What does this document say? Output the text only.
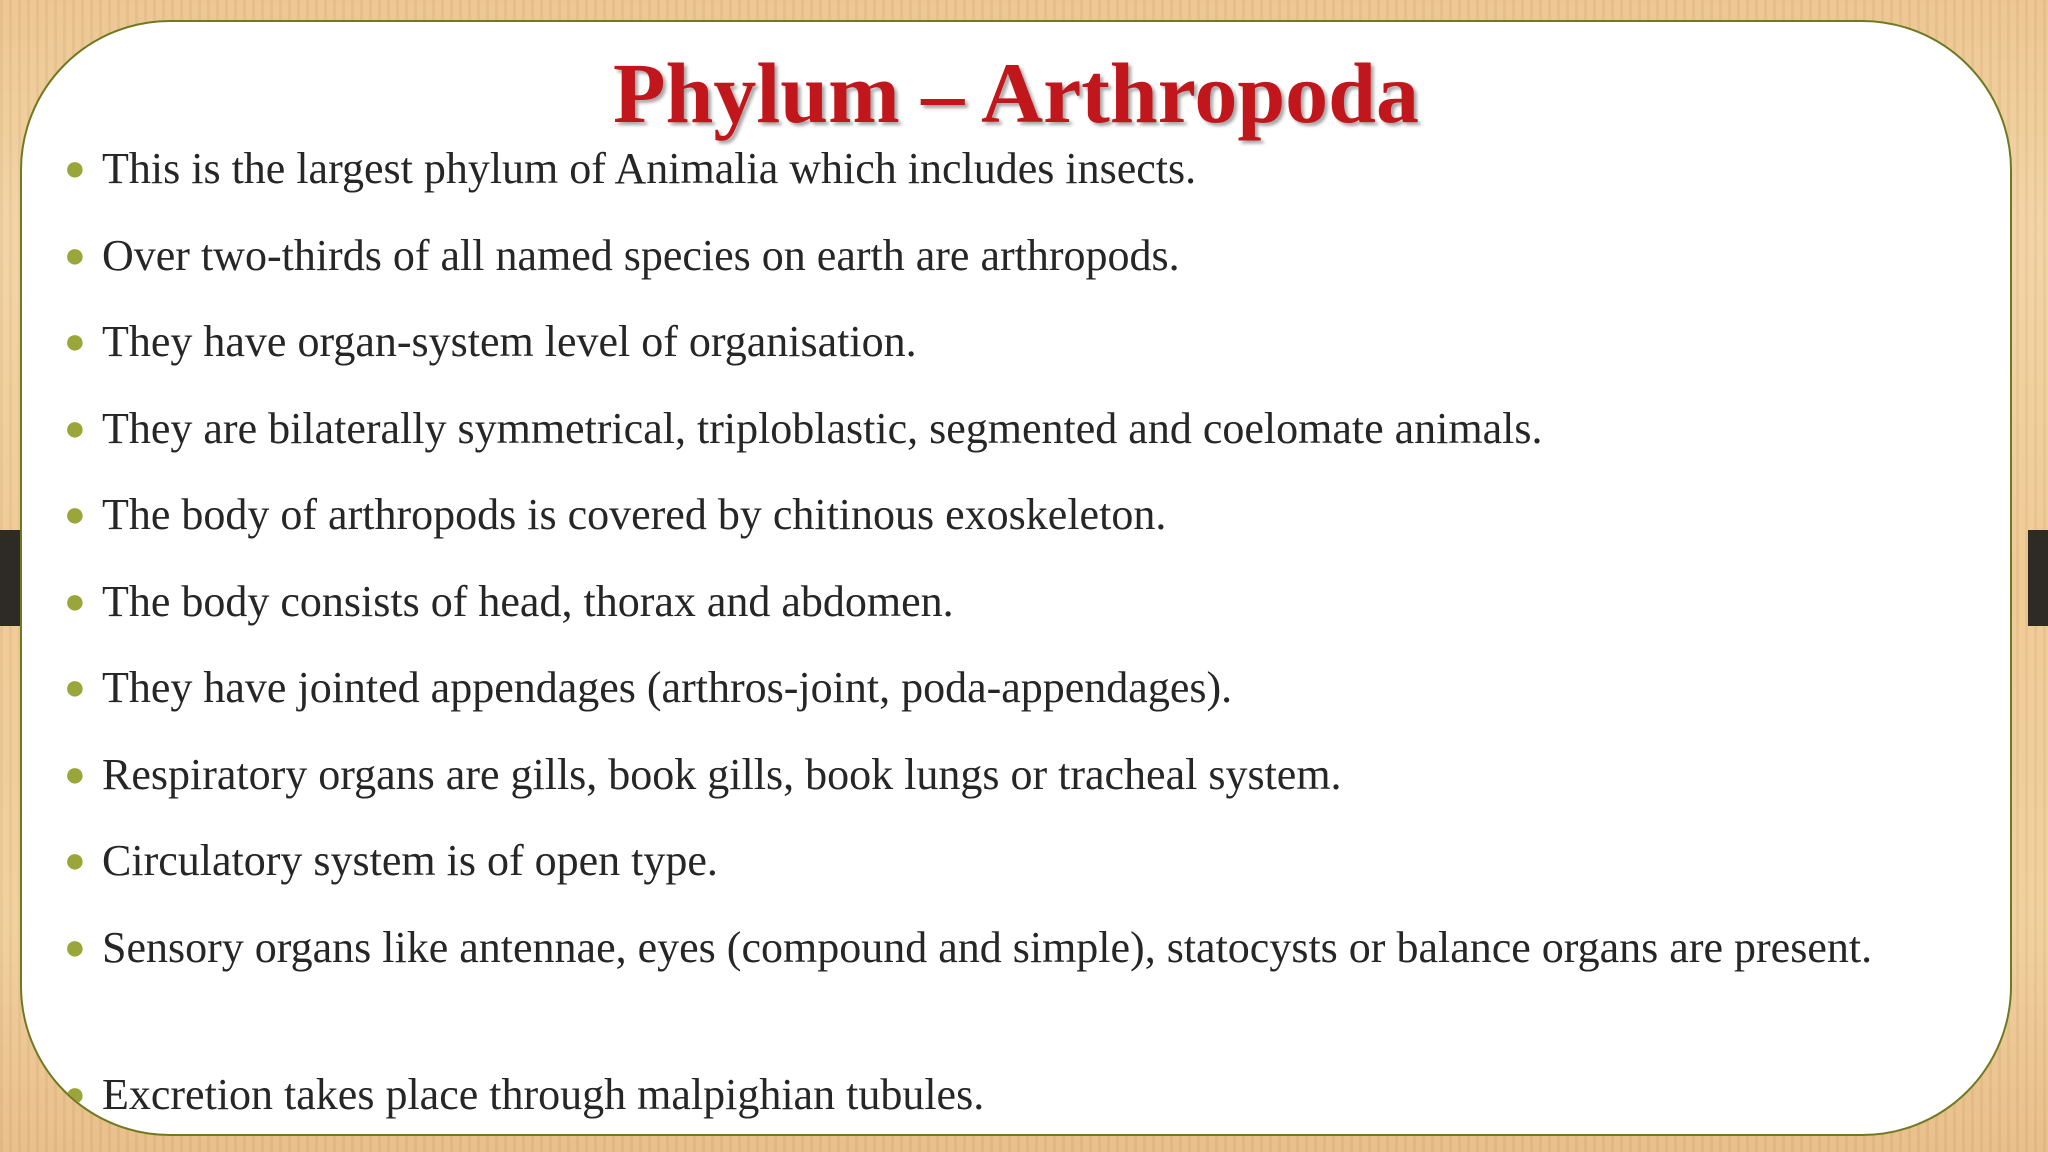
Phylum – Arthropoda
● This is the largest phylum of Animalia which includes insects.
● Over two-thirds of all named species on earth are arthropods.
● They have organ-system level of organisation.
● They are bilaterally symmetrical, triploblastic, segmented and coelomate animals.
● The body of arthropods is covered by chitinous exoskeleton.
● The body consists of head, thorax and abdomen.
● They have jointed appendages (arthros-joint, poda-appendages).
● Respiratory organs are gills, book gills, book lungs or tracheal system.
● Circulatory system is of open type.
● Sensory organs like antennae, eyes (compound and simple), statocysts or balance organs are present.
● Excretion takes place through malpighian tubules.
